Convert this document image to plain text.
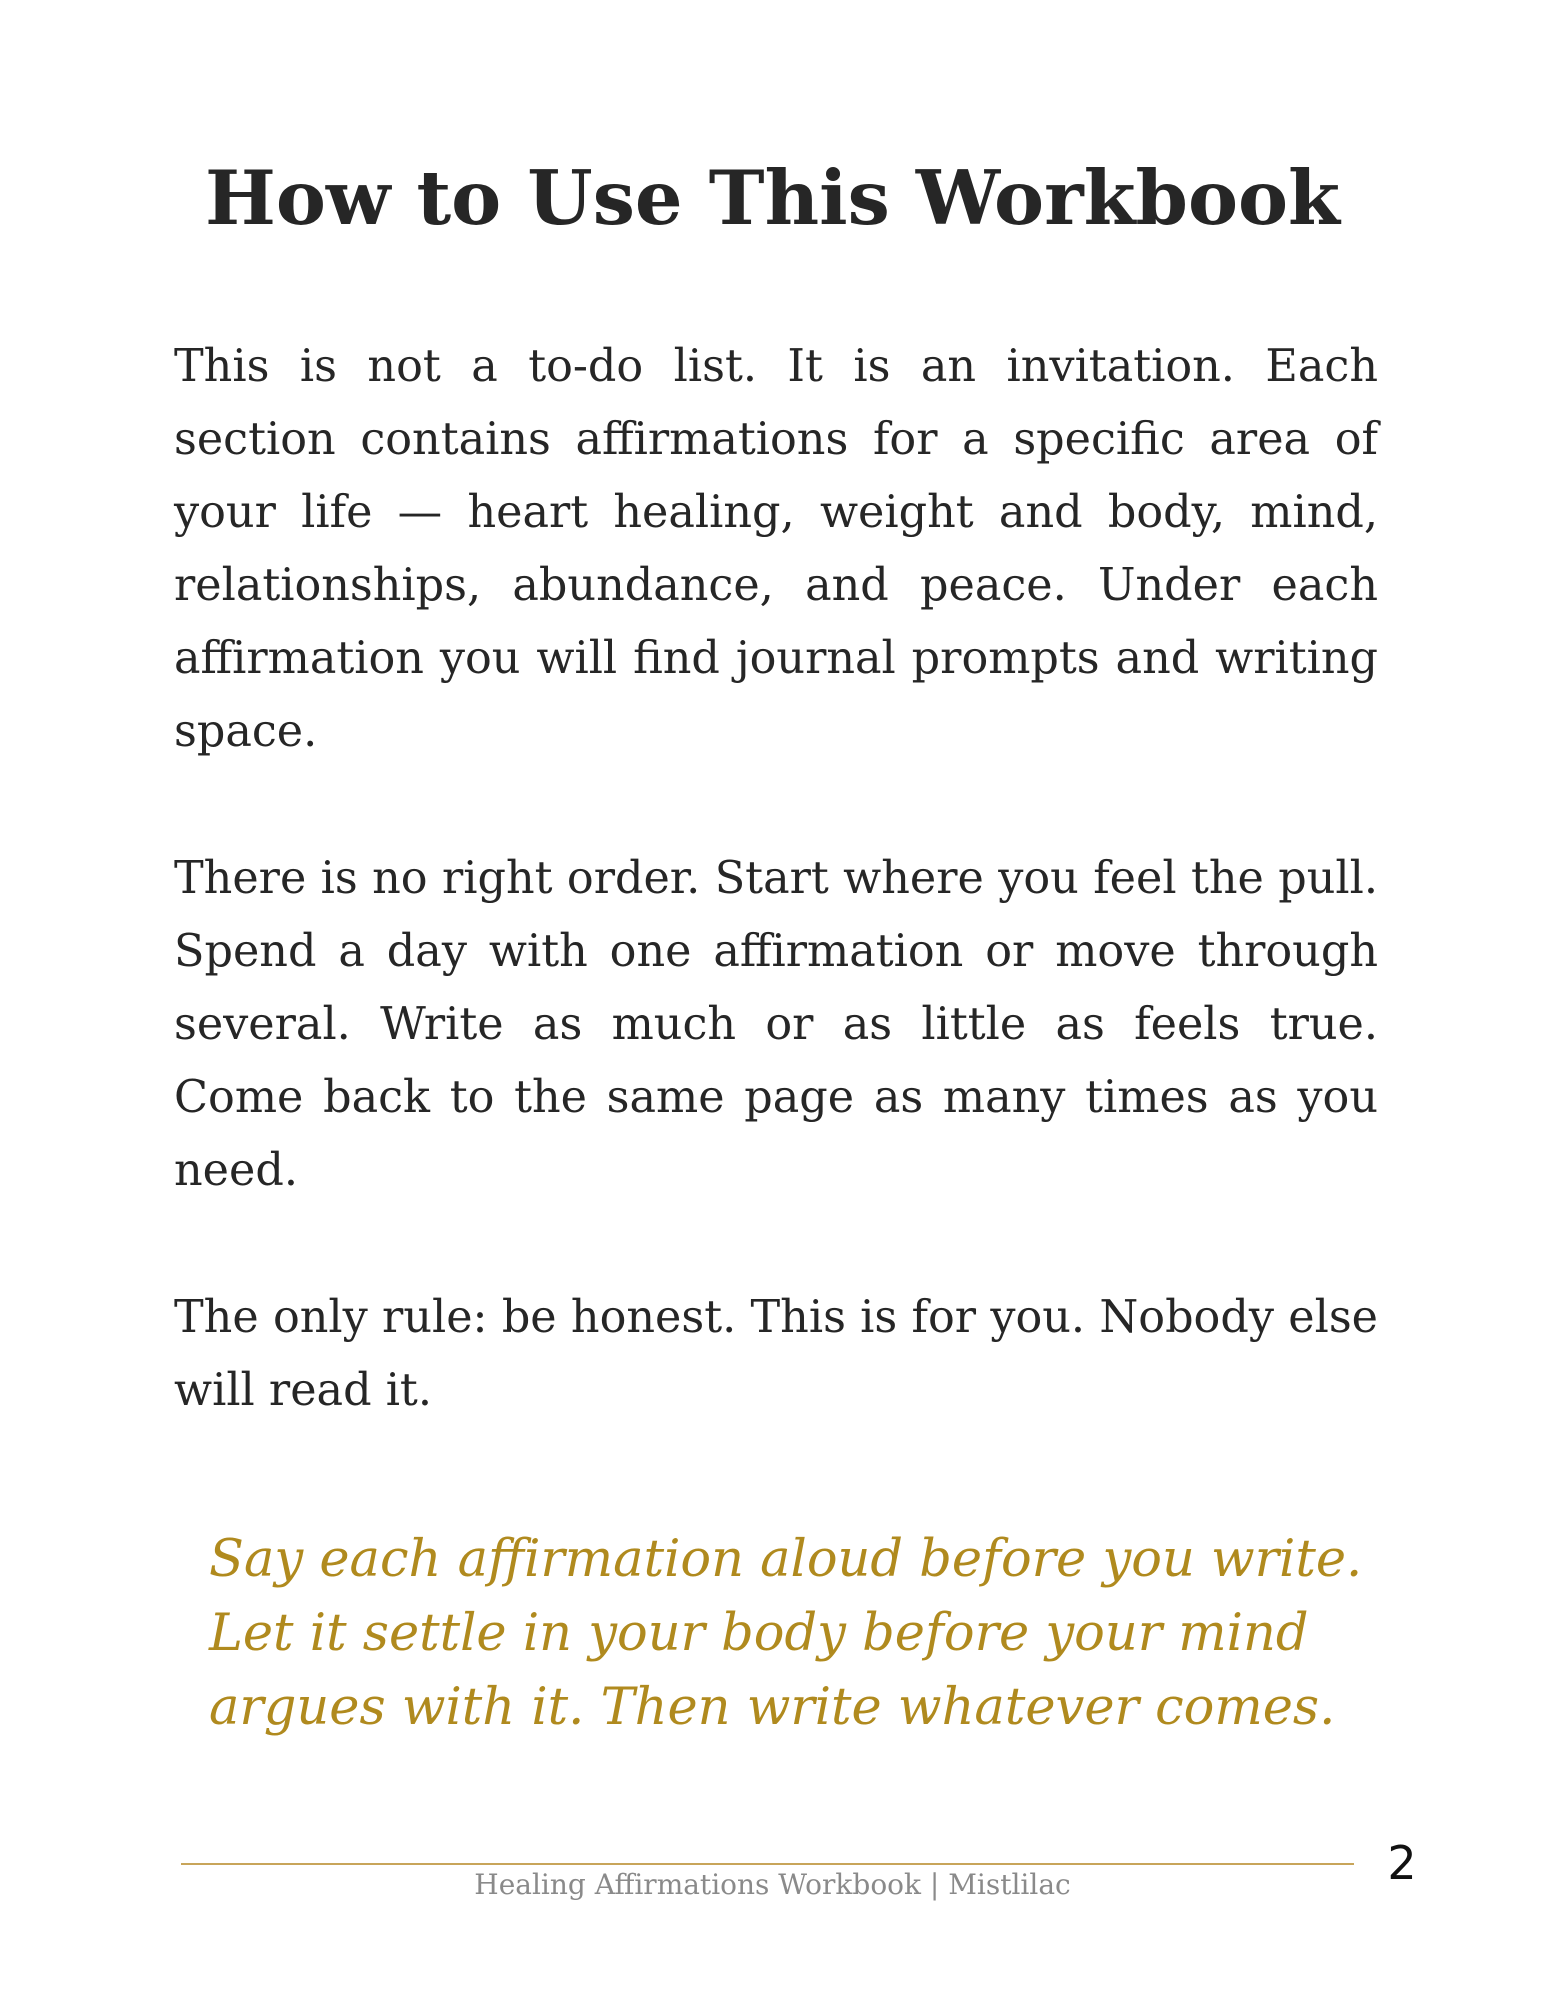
How to Use This Workbook

This is not a to-do list. It is an invitation. Each section contains affirmations for a specific area of your life — heart healing, weight and body, mind, relationships, abundance, and peace. Under each affirmation you will find journal prompts and writing space.

There is no right order. Start where you feel the pull. Spend a day with one affirmation or move through several. Write as much or as little as feels true. Come back to the same page as many times as you need.

The only rule: be honest. This is for you. Nobody else will read it.

Say each affirmation aloud before you write. Let it settle in your body before your mind argues with it. Then write whatever comes.

Healing Affirmations Workbook | Mistlilac	2
